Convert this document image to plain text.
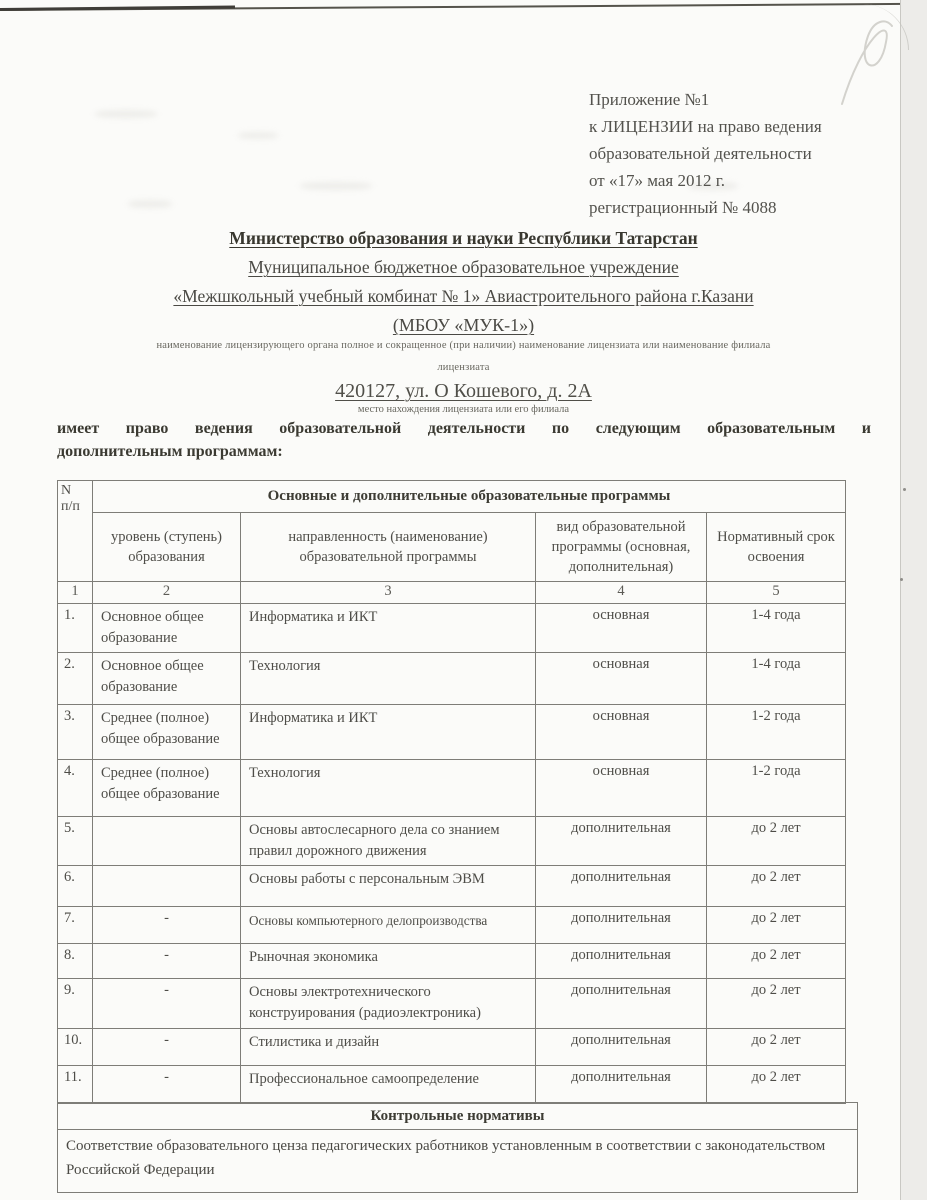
Приложение №1
к ЛИЦЕНЗИИ на право ведения
образовательной деятельности
от «17» мая 2012 г.
регистрационный № 4088
Министерство образования и науки Республики Татарстан
Муниципальное бюджетное образовательное учреждение
«Межшкольный учебный комбинат № 1» Авиастроительного района г.Казани
(МБОУ «МУК-1»)
наименование лицензирующего органа полное и сокращенное (при наличии) наименование лицензиата или наименование филиала
лицензиата
420127, ул. О Кошевого, д. 2А
место нахождения лицензиата или его филиала
имеет право ведения образовательной деятельности по следующим образовательным и
дополнительным программам:
N
п/п	Основные и дополнительные образовательные программы			
	уровень (ступень) образования	направленность (наименование) образовательной программы	вид образовательной программы (основная, дополнительная)	Нормативный срок освоения
1	2	3	4	5
1.	Основное общее образование	Информатика и ИКТ	основная	1-4 года
2.	Основное общее образование	Технология	основная	1-4 года
3.	Среднее (полное) общее образование	Информатика и ИКТ	основная	1-2 года
4.	Среднее (полное) общее образование	Технология	основная	1-2 года
5.		Основы автослесарного дела со знанием правил дорожного движения	дополнительная	до 2 лет
6.		Основы работы с персональным ЭВМ	дополнительная	до 2 лет
7.	-	Основы компьютерного делопроизводства	дополнительная	до 2 лет
8.	-	Рыночная экономика	дополнительная	до 2 лет
9.	-	Основы электротехнического конструирования (радиоэлектроника)	дополнительная	до 2 лет
10.	-	Стилистика и дизайн	дополнительная	до 2 лет
11.	-	Профессиональное самоопределение	дополнительная	до 2 лет
Контрольные нормативы
Соответствие образовательного ценза педагогических работников установленным в соответствии с законодательством Российской Федерации
